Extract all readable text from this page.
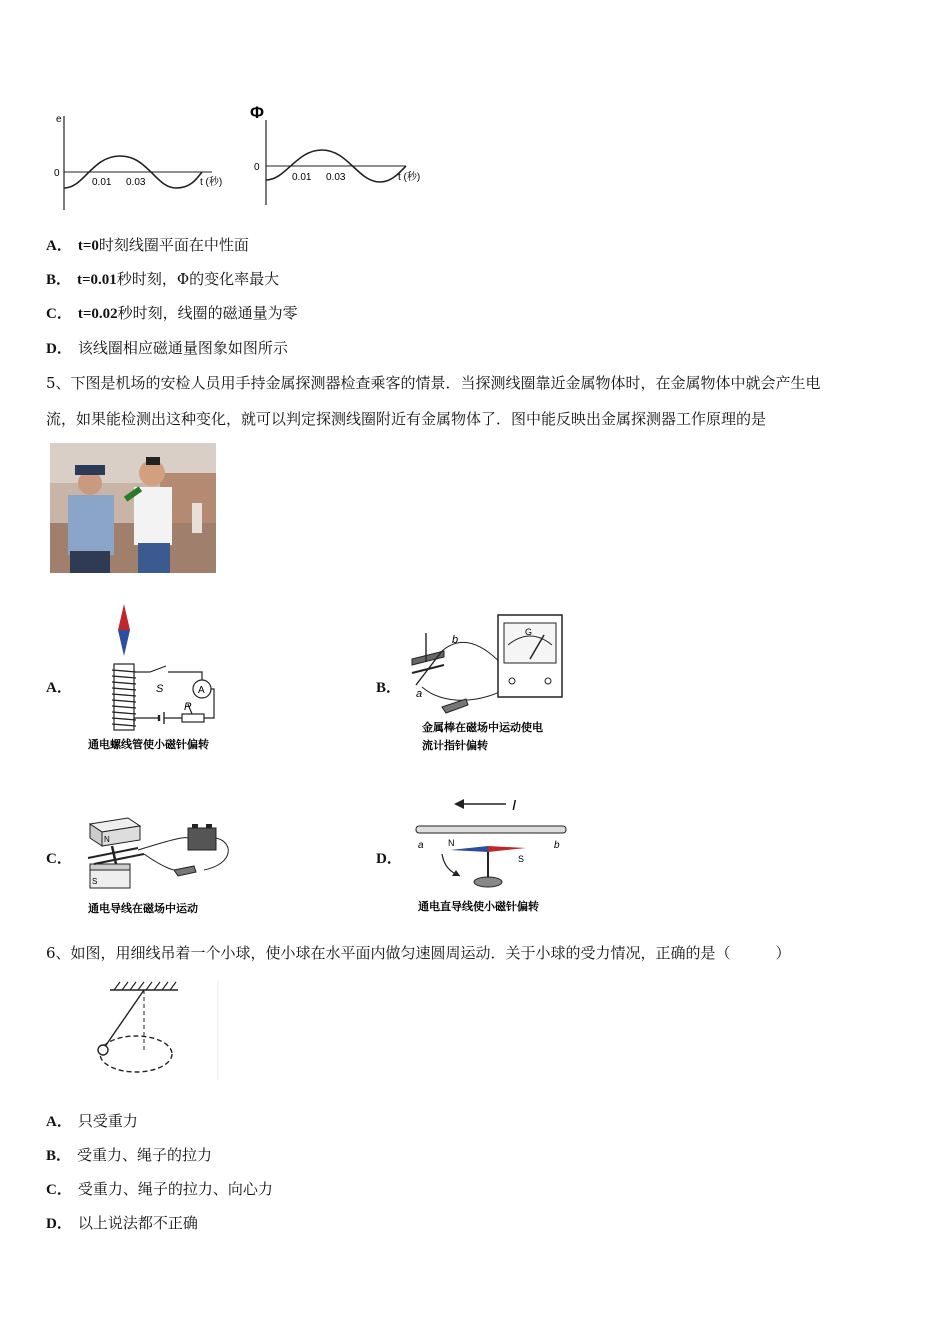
e
0
0.01 0.03	t (秒)
Φ
0
0.01 0.03	t (秒)
A． t=0时刻线圈平面在中性面
B． t=0.01秒时刻，Φ的变化率最大
C． t=0.02秒时刻，线圈的磁通量为零
D． 该线圈相应磁通量图象如图所示
5、下图是机场的安检人员用手持金属探测器检查乘客的情景．当探测线圈靠近金属物体时，在金属物体中就会产生电
流，如果能检测出这种变化，就可以判定探测线圈附近有金属物体了．图中能反映出金属探测器工作原理的是
A．	S	A
P
通电螺线管使小磁针偏转
B．	a
b
G
金属棒在磁场中运动使电
流计指针偏转
C．
N
S
通电导线在磁场中运动
D．
I
a	b
N
S
通电直导线使小磁针偏转
6、如图，用细线吊着一个小球，使小球在水平面内做匀速圆周运动．关于小球的受力情况，正确的是（　　　）
A． 只受重力
B． 受重力、绳子的拉力
C． 受重力、绳子的拉力、向心力
D． 以上说法都不正确
